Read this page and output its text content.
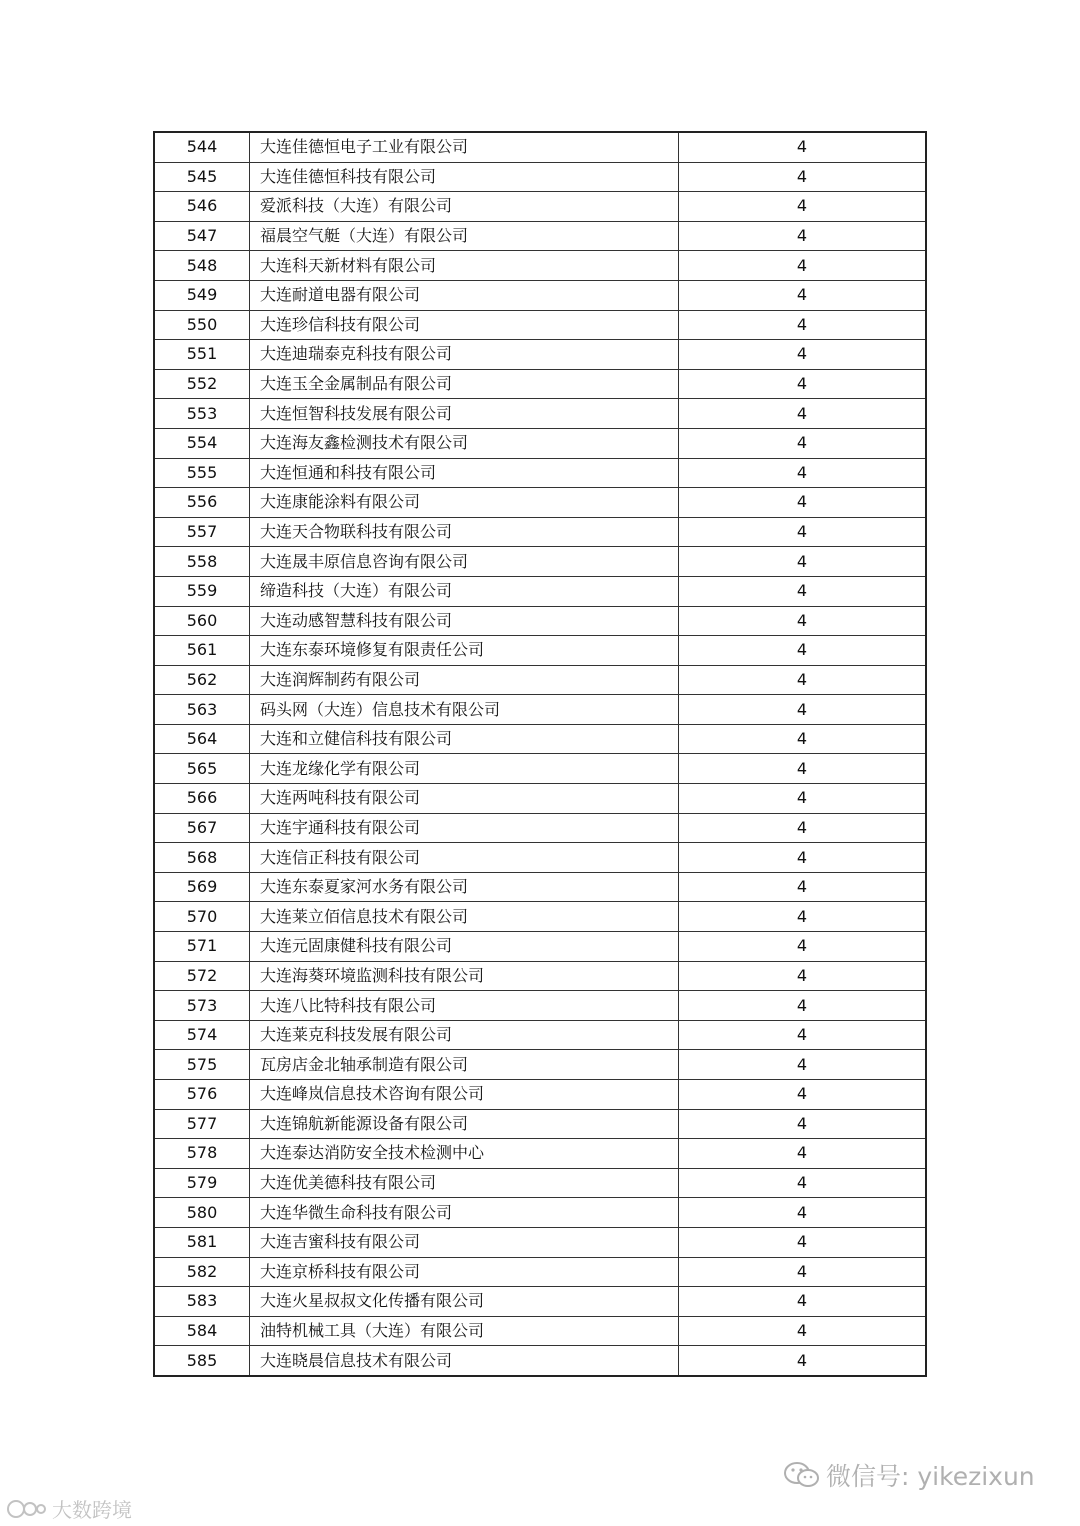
544	大连佳德恒电子工业有限公司	4
545	大连佳德恒科技有限公司	4
546	爱派科技（大连）有限公司	4
547	福晨空气艇（大连）有限公司	4
548	大连科天新材料有限公司	4
549	大连耐道电器有限公司	4
550	大连珍信科技有限公司	4
551	大连迪瑞泰克科技有限公司	4
552	大连玉全金属制品有限公司	4
553	大连恒智科技发展有限公司	4
554	大连海友鑫检测技术有限公司	4
555	大连恒通和科技有限公司	4
556	大连康能涂料有限公司	4
557	大连天合物联科技有限公司	4
558	大连晟丰原信息咨询有限公司	4
559	缔造科技（大连）有限公司	4
560	大连动感智慧科技有限公司	4
561	大连东泰环境修复有限责任公司	4
562	大连润辉制药有限公司	4
563	码头网（大连）信息技术有限公司	4
564	大连和立健信科技有限公司	4
565	大连龙缘化学有限公司	4
566	大连两吨科技有限公司	4
567	大连宇通科技有限公司	4
568	大连信正科技有限公司	4
569	大连东泰夏家河水务有限公司	4
570	大连莱立佰信息技术有限公司	4
571	大连元固康健科技有限公司	4
572	大连海葵环境监测科技有限公司	4
573	大连八比特科技有限公司	4
574	大连莱克科技发展有限公司	4
575	瓦房店金北轴承制造有限公司	4
576	大连峰岚信息技术咨询有限公司	4
577	大连锦航新能源设备有限公司	4
578	大连泰达消防安全技术检测中心	4
579	大连优美德科技有限公司	4
580	大连华微生命科技有限公司	4
581	大连吉蜜科技有限公司	4
582	大连京桥科技有限公司	4
583	大连火星叔叔文化传播有限公司	4
584	油特机械工具（大连）有限公司	4
585	大连晓晨信息技术有限公司	4
微信号: yikezixun
大数跨境
